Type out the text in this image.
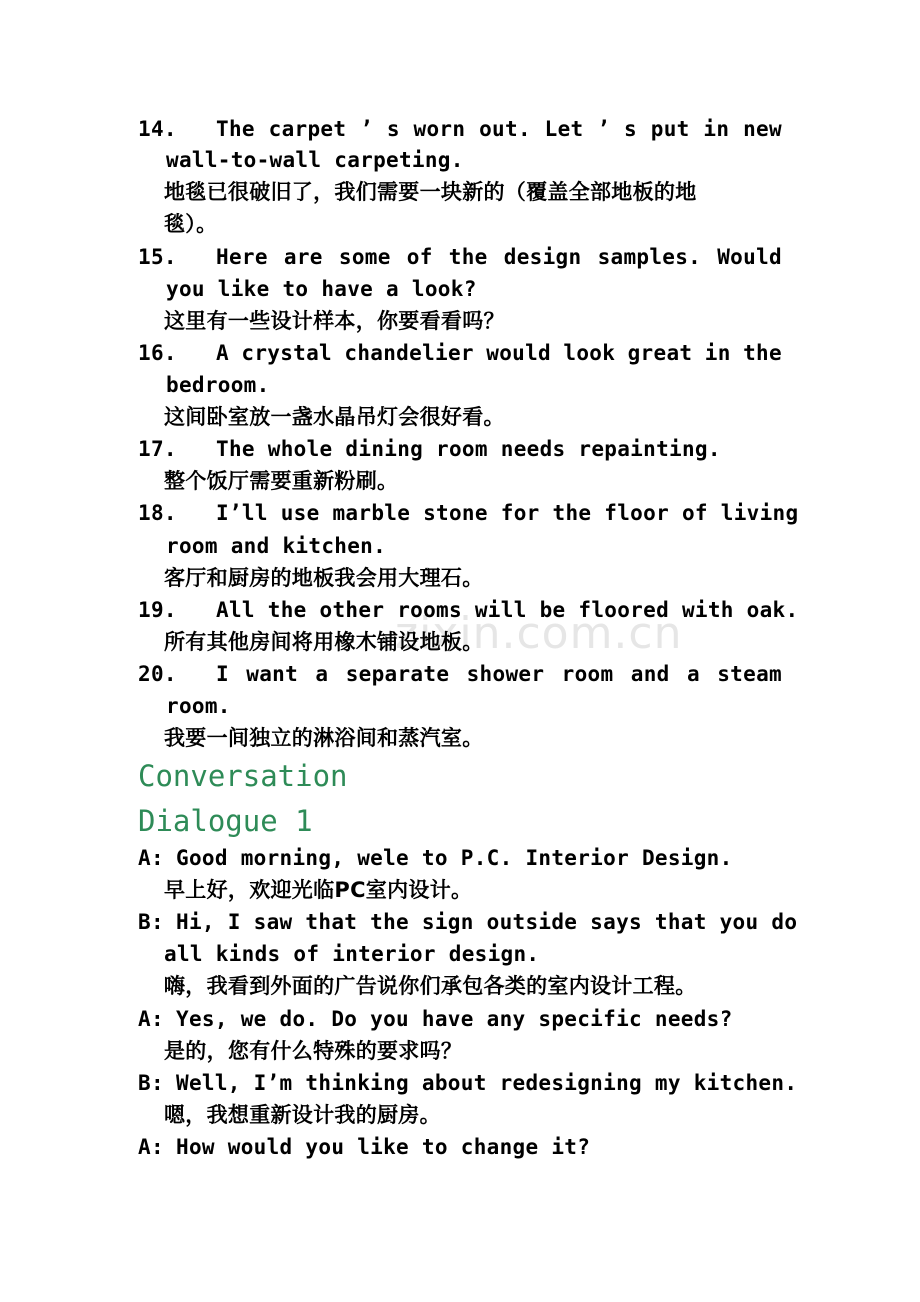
zixin.com.cn
14. The carpet ’ s worn out. Let ’ s put in new
wall-to-wall carpeting.
地毯已很破旧了，我们需要一块新的（覆盖全部地板的地
毯）。
15. Here are some of the design samples. Would
you like to have a look?
这里有一些设计样本，你要看看吗？
16. A crystal chandelier would look great in the
bedroom.
这间卧室放一盏水晶吊灯会很好看。
17. The whole dining room needs repainting.
整个饭厅需要重新粉刷。
18. I’ll use marble stone for the floor of living
room and kitchen.
客厅和厨房的地板我会用大理石。
19. All the other rooms will be floored with oak.
所有其他房间将用橡木铺设地板。
20. I want a separate shower room and a steam
room.
我要一间独立的淋浴间和蒸汽室。
Conversation
Dialogue 1
A: Good morning, wele to P.C. Interior Design.
早上好，欢迎光临PC室内设计。
B: Hi, I saw that the sign outside says that you do
all kinds of interior design.
嗨，我看到外面的广告说你们承包各类的室内设计工程。
A: Yes, we do. Do you have any specific needs?
是的，您有什么特殊的要求吗？
B: Well, I’m thinking about redesigning my kitchen.
嗯，我想重新设计我的厨房。
A: How would you like to change it?
